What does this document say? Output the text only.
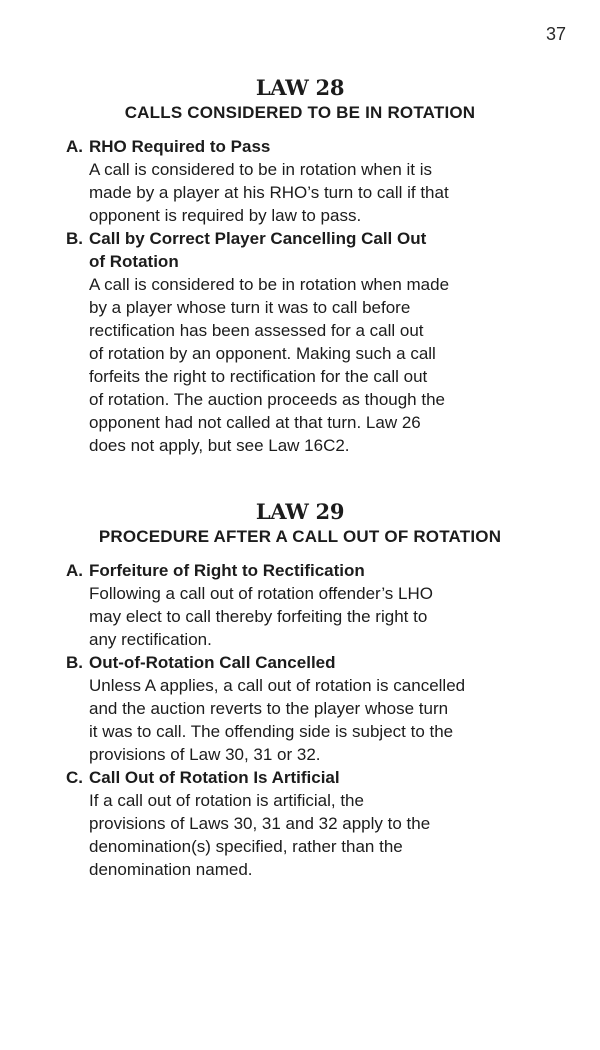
37
LAW 28
CALLS CONSIDERED TO BE IN ROTATION
A. RHO Required to Pass
A call is considered to be in rotation when it is
made by a player at his RHO’s turn to call if that
opponent is required by law to pass.
B. Call by Correct Player Cancelling Call Out
of Rotation
A call is considered to be in rotation when made
by a player whose turn it was to call before
rectification has been assessed for a call out
of rotation by an opponent. Making such a call
forfeits the right to rectification for the call out
of rotation. The auction proceeds as though the
opponent had not called at that turn. Law 26
does not apply, but see Law 16C2.
LAW 29
PROCEDURE AFTER A CALL OUT OF ROTATION
A. Forfeiture of Right to Rectification
Following a call out of rotation offender’s LHO
may elect to call thereby forfeiting the right to
any rectification.
B. Out-of-Rotation Call Cancelled
Unless A applies, a call out of rotation is cancelled
and the auction reverts to the player whose turn
it was to call. The offending side is subject to the
provisions of Law 30, 31 or 32.
C. Call Out of Rotation Is Artificial
If a call out of rotation is artificial, the
provisions of Laws 30, 31 and 32 apply to the
denomination(s) specified, rather than the
denomination named.
